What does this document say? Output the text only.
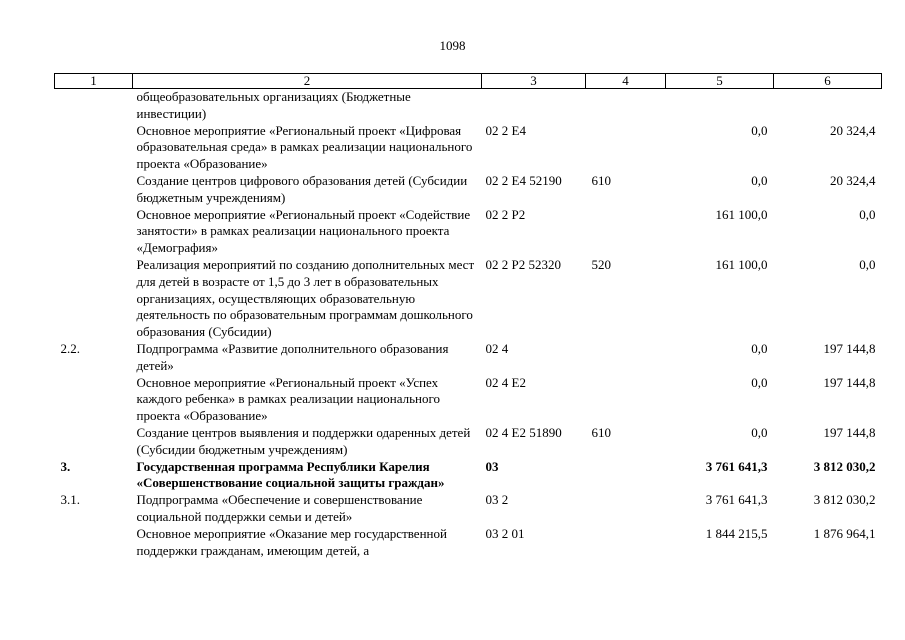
1098
1	2	3	4	5	6
	общеобразовательных организациях (Бюджетные инвестиции)				
	Основное мероприятие «Региональный проект «Цифровая образовательная среда» в рамках реализации национального проекта «Образование»	02 2 E4		0,0	20 324,4
	Создание центров цифрового образования детей (Субсидии бюджетным учреждениям)	02 2 E4 52190	610	0,0	20 324,4
	Основное мероприятие «Региональный проект «Содействие занятости» в рамках реализации национального проекта «Демография»	02 2 P2		161 100,0	0,0
	Реализация мероприятий по созданию дополнительных мест для детей в возрасте от 1,5 до 3 лет в образовательных организациях, осуществляющих образовательную деятельность по образовательным программам дошкольного образования (Субсидии)	02 2 P2 52320	520	161 100,0	0,0
2.2.	Подпрограмма «Развитие дополнительного образования детей»	02 4		0,0	197 144,8
	Основное мероприятие «Региональный проект «Успех каждого ребенка» в рамках реализации национального проекта «Образование»	02 4 E2		0,0	197 144,8
	Создание центров выявления и поддержки одаренных детей (Субсидии бюджетным учреждениям)	02 4 E2 51890	610	0,0	197 144,8
3.	Государственная программа Республики Карелия «Совершенствование социальной защиты граждан»	03		3 761 641,3	3 812 030,2
3.1.	Подпрограмма «Обеспечение и совершенствование социальной поддержки семьи и детей»	03 2		3 761 641,3	3 812 030,2
	Основное мероприятие «Оказание мер государственной поддержки гражданам, имеющим детей, а	03 2 01		1 844 215,5	1 876 964,1
